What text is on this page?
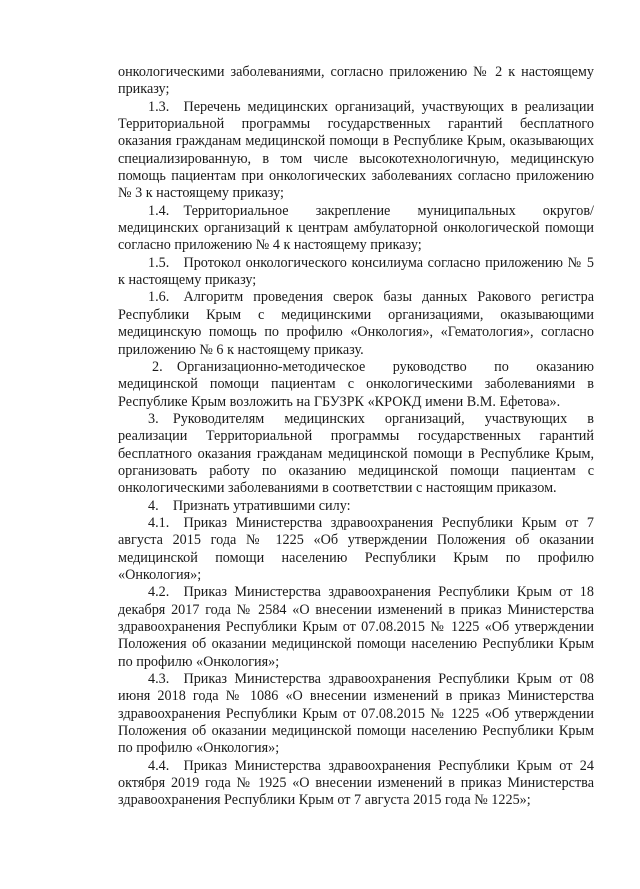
онкологическими заболеваниями, согласно приложению № 2 к настоящему приказу;

1.3. Перечень медицинских организаций, участвующих в реализации Территориальной программы государственных гарантий бесплатного оказания гражданам медицинской помощи в Республике Крым, оказывающих специализированную, в том числе высокотехнологичную, медицинскую помощь пациентам при онкологических заболеваниях согласно приложению № 3 к настоящему приказу;

1.4. Территориальное закрепление муниципальных округов/медицинских организаций к центрам амбулаторной онкологической помощи согласно приложению № 4 к настоящему приказу;

1.5. Протокол онкологического консилиума согласно приложению № 5 к настоящему приказу;

1.6. Алгоритм проведения сверок базы данных Ракового регистра Республики Крым с медицинскими организациями, оказывающими медицинскую помощь по профилю «Онкология», «Гематология», согласно приложению № 6 к настоящему приказу.

2. Организационно-методическое руководство по оказанию медицинской помощи пациентам с онкологическими заболеваниями в Республике Крым возложить на ГБУЗРК «КРОКД имени В.М. Ефетова».

3. Руководителям медицинских организаций, участвующих в реализации Территориальной программы государственных гарантий бесплатного оказания гражданам медицинской помощи в Республике Крым, организовать работу по оказанию медицинской помощи пациентам с онкологическими заболеваниями в соответствии с настоящим приказом.

4. Признать утратившими силу:

4.1. Приказ Министерства здравоохранения Республики Крым от 7 августа 2015 года № 1225 «Об утверждении Положения об оказании медицинской помощи населению Республики Крым по профилю «Онкология»;

4.2. Приказ Министерства здравоохранения Республики Крым от 18 декабря 2017 года № 2584 «О внесении изменений в приказ Министерства здравоохранения Республики Крым от 07.08.2015 № 1225 «Об утверждении Положения об оказании медицинской помощи населению Республики Крым по профилю «Онкология»;

4.3. Приказ Министерства здравоохранения Республики Крым от 08 июня 2018 года № 1086 «О внесении изменений в приказ Министерства здравоохранения Республики Крым от 07.08.2015 № 1225 «Об утверждении Положения об оказании медицинской помощи населению Республики Крым по профилю «Онкология»;

4.4. Приказ Министерства здравоохранения Республики Крым от 24 октября 2019 года № 1925 «О внесении изменений в приказ Министерства здравоохранения Республики Крым от 7 августа 2015 года № 1225»;
